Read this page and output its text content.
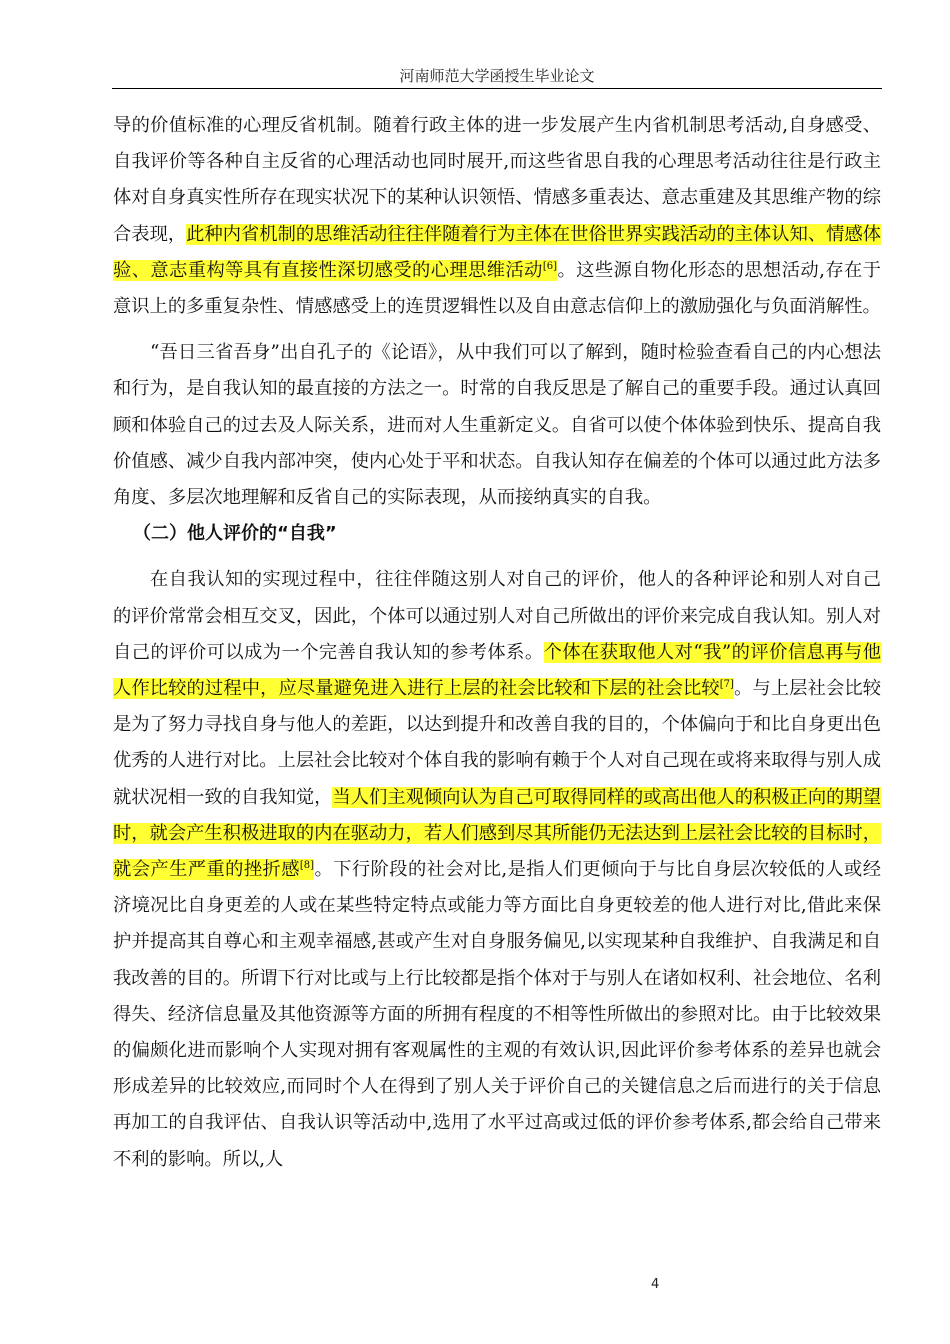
河南师范大学函授生毕业论文

导的价值标准的心理反省机制。随着行政主体的进一步发展产生内省机制思考活动,自身感受、自我评价等各种自主反省的心理活动也同时展开,而这些省思自我的心理思考活动往往是行政主体对自身真实性所存在现实状况下的某种认识领悟、情感多重表达、意志重建及其思维产物的综合表现，此种内省机制的思维活动往往伴随着行为主体在世俗世界实践活动的主体认知、情感体验、意志重构等具有直接性深切感受的心理思维活动[6]。这些源自物化形态的思想活动,存在于意识上的多重复杂性、情感感受上的连贯逻辑性以及自由意志信仰上的激励强化与负面消解性。

“吾日三省吾身”出自孔子的《论语》，从中我们可以了解到，随时检验查看自己的内心想法和行为，是自我认知的最直接的方法之一。时常的自我反思是了解自己的重要手段。通过认真回顾和体验自己的过去及人际关系，进而对人生重新定义。自省可以使个体体验到快乐、提高自我价值感、减少自我内部冲突，使内心处于平和状态。自我认知存在偏差的个体可以通过此方法多角度、多层次地理解和反省自己的实际表现，从而接纳真实的自我。

（二）他人评价的“自我”

在自我认知的实现过程中，往往伴随这别人对自己的评价，他人的各种评论和别人对自己的评价常常会相互交叉，因此，个体可以通过别人对自己所做出的评价来完成自我认知。别人对自己的评价可以成为一个完善自我认知的参考体系。个体在获取他人对“我”的评价信息再与他人作比较的过程中，应尽量避免进入进行上层的社会比较和下层的社会比较[7]。与上层社会比较是为了努力寻找自身与他人的差距，以达到提升和改善自我的目的，个体偏向于和比自身更出色优秀的人进行对比。上层社会比较对个体自我的影响有赖于个人对自己现在或将来取得与别人成就状况相一致的自我知觉，当人们主观倾向认为自己可取得同样的或高出他人的积极正向的期望时，就会产生积极进取的内在驱动力，若人们感到尽其所能仍无法达到上层社会比较的目标时，就会产生严重的挫折感[8]。下行阶段的社会对比,是指人们更倾向于与比自身层次较低的人或经济境况比自身更差的人或在某些特定特点或能力等方面比自身更较差的他人进行对比,借此来保护并提高其自尊心和主观幸福感,甚或产生对自身服务偏见,以实现某种自我维护、自我满足和自我改善的目的。所谓下行对比或与上行比较都是指个体对于与别人在诸如权利、社会地位、名利得失、经济信息量及其他资源等方面的所拥有程度的不相等性所做出的参照对比。由于比较效果的偏颇化进而影响个人实现对拥有客观属性的主观的有效认识,因此评价参考体系的差异也就会形成差异的比较效应,而同时个人在得到了别人关于评价自己的关键信息之后而进行的关于信息再加工的自我评估、自我认识等活动中,选用了水平过高或过低的评价参考体系,都会给自己带来不利的影响。所以,人

4
